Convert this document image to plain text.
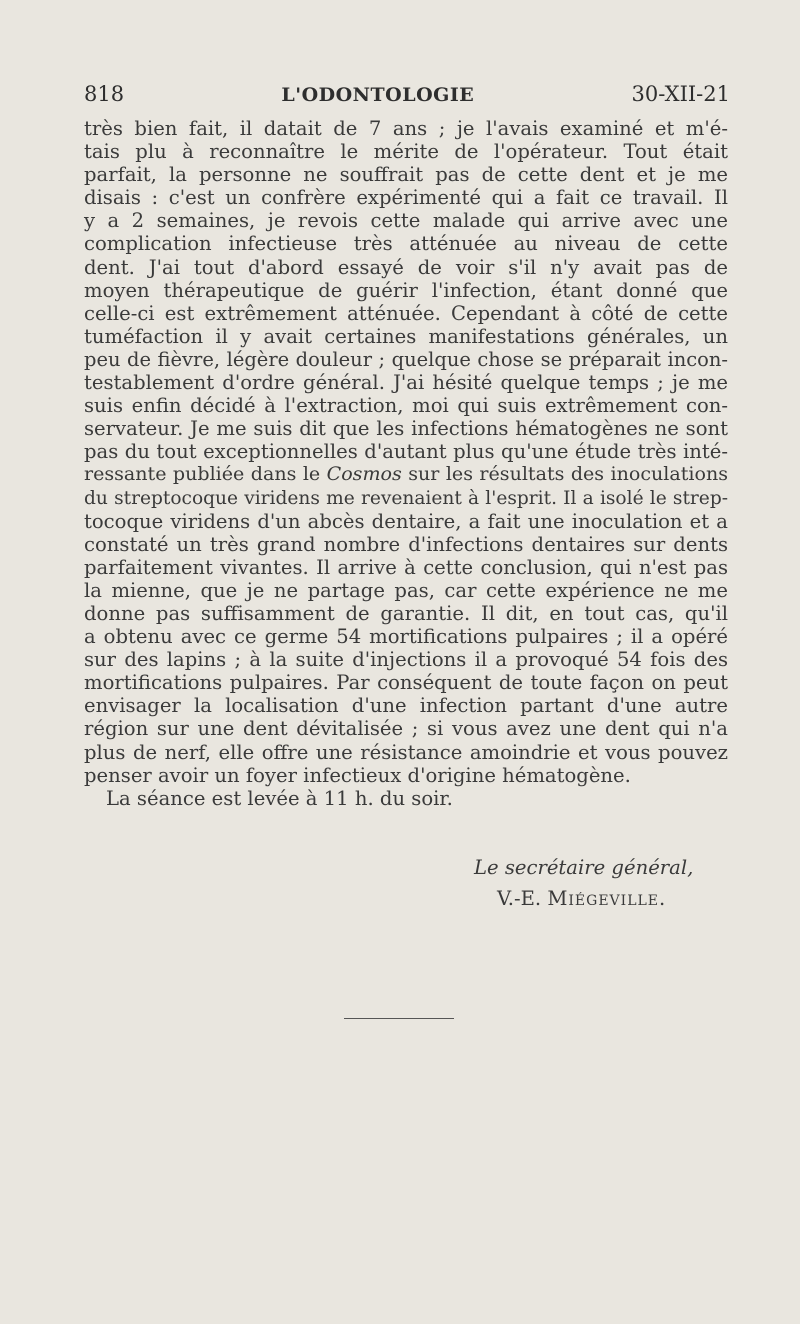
818	L'ODONTOLOGIE	30-XII-21
très bien fait, il datait de 7 ans ; je l'avais examiné et m'é-
tais plu à reconnaître le mérite de l'opérateur. Tout était
parfait, la personne ne souffrait pas de cette dent et je me
disais : c'est un confrère expérimenté qui a fait ce travail. Il
y a 2 semaines, je revois cette malade qui arrive avec une
complication infectieuse très atténuée au niveau de cette
dent. J'ai tout d'abord essayé de voir s'il n'y avait pas de
moyen thérapeutique de guérir l'infection, étant donné que
celle-ci est extrêmement atténuée. Cependant à côté de cette
tuméfaction il y avait certaines manifestations générales, un
peu de fièvre, légère douleur ; quelque chose se préparait incon-
testablement d'ordre général. J'ai hésité quelque temps ; je me
suis enfin décidé à l'extraction, moi qui suis extrêmement con-
servateur. Je me suis dit que les infections hématogènes ne sont
pas du tout exceptionnelles d'autant plus qu'une étude très inté-
ressante publiée dans le Cosmos sur les résultats des inoculations
du streptocoque viridens me revenaient à l'esprit. Il a isolé le strep-
tocoque viridens d'un abcès dentaire, a fait une inoculation et a
constaté un très grand nombre d'infections dentaires sur dents
parfaitement vivantes. Il arrive à cette conclusion, qui n'est pas
la mienne, que je ne partage pas, car cette expérience ne me
donne pas suffisamment de garantie. Il dit, en tout cas, qu'il
a obtenu avec ce germe 54 mortifications pulpaires ; il a opéré
sur des lapins ; à la suite d'injections il a provoqué 54 fois des
mortifications pulpaires. Par conséquent de toute façon on peut
envisager la localisation d'une infection partant d'une autre
région sur une dent dévitalisée ; si vous avez une dent qui n'a
plus de nerf, elle offre une résistance amoindrie et vous pouvez
penser avoir un foyer infectieux d'origine hématogène.
La séance est levée à 11 h. du soir.
Le secrétaire général,
V.-E. Miégeville.
